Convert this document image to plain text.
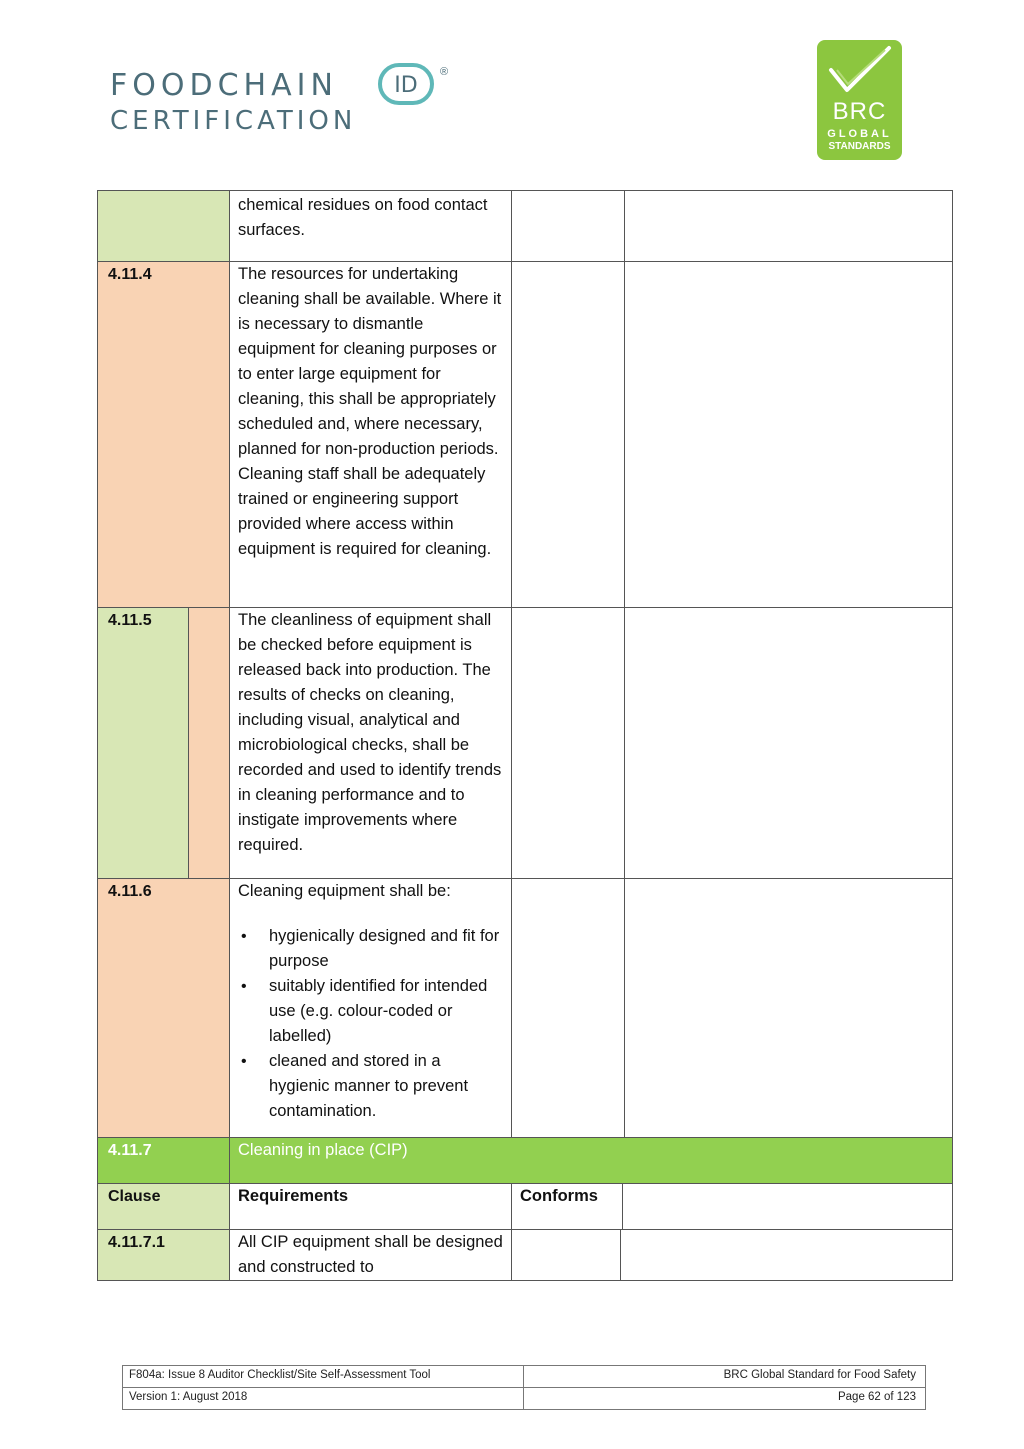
FOODCHAIN	ID
®
CERTIFICATION	BRC
GLOBAL
STANDARDS
chemical residues on food contact surfaces.
4.11.4	The resources for undertaking cleaning shall be available. Where it is necessary to dismantle equipment for cleaning purposes or to enter large equipment for cleaning, this shall be appropriately scheduled and, where necessary, planned for non-production periods. Cleaning staff shall be adequately trained or engineering support provided where access within equipment is required for cleaning.
4.11.5	The cleanliness of equipment shall be checked before equipment is released back into production. The results of checks on cleaning, including visual, analytical and microbiological checks, shall be recorded and used to identify trends in cleaning performance and to instigate improvements where required.
4.11.6	Cleaning equipment shall be:

• hygienically designed and fit for purpose
• suitably identified for intended use (e.g. colour-coded or labelled)
• cleaned and stored in a hygienic manner to prevent contamination.
4.11.7	Cleaning in place (CIP)
Clause	Requirements	Conforms
4.11.7.1	All CIP equipment shall be designed and constructed to
F804a: Issue 8 Auditor Checklist/Site Self-Assessment Tool	BRC Global Standard for Food Safety
Version 1: August 2018	Page 62 of 123
